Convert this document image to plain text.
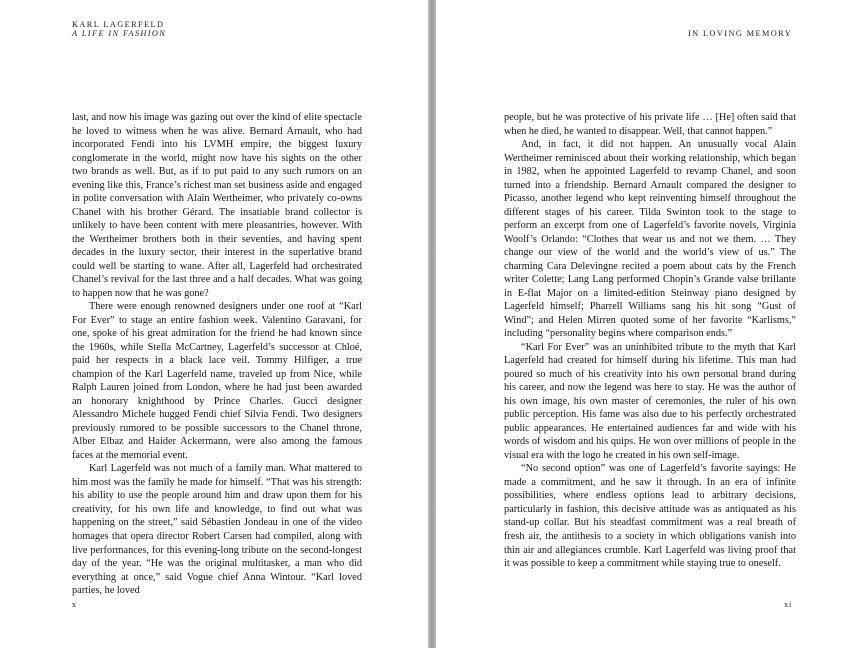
KARL LAGERFELD
A LIFE IN FASHION

last, and now his image was gazing out over the kind of elite spectacle he loved to witness when he was alive. Bernard Arnault, who had incorporated Fendi into his LVMH empire, the biggest luxury conglomerate in the world, might now have his sights on the other two brands as well. But, as if to put paid to any such rumors on an evening like this, France’s richest man set business aside and engaged in polite conversation with Alain Wertheimer, who privately co-owns Chanel with his brother Gérard. The insatiable brand collector is unlikely to have been content with mere pleasantries, however. With the Wertheimer brothers both in their seventies, and having spent decades in the luxury sector, their interest in the superlative brand could well be starting to wane. After all, Lagerfeld had orchestrated Chanel’s revival for the last three and a half decades. What was going to happen now that he was gone?

There were enough renowned designers under one roof at “Karl For Ever” to stage an entire fashion week. Valentino Garavani, for one, spoke of his great admiration for the friend he had known since the 1960s, while Stella McCartney, Lagerfeld’s successor at Chloé, paid her respects in a black lace veil. Tommy Hilfiger, a true champion of the Karl Lagerfeld name, traveled up from Nice, while Ralph Lauren joined from London, where he had just been awarded an honorary knighthood by Prince Charles. Gucci designer Alessandro Michele hugged Fendi chief Silvia Fendi. Two designers previously rumored to be possible successors to the Chanel throne, Alber Elbaz and Haider Ackermann, were also among the famous faces at the memorial event.

Karl Lagerfeld was not much of a family man. What mattered to him most was the family he made for himself. “That was his strength: his ability to use the people around him and draw upon them for his creativity, for his own life and knowledge, to find out what was happening on the street,” said Sébastien Jondeau in one of the video homages that opera director Robert Carsen had compiled, along with live performances, for this evening-long tribute on the second-longest day of the year. “He was the original multitasker, a man who did everything at once,” said Vogue chief Anna Wintour. “Karl loved parties, he loved

x
IN LOVING MEMORY

people, but he was protective of his private life … [He] often said that when he died, he wanted to disappear. Well, that cannot happen.”

And, in fact, it did not happen. An unusually vocal Alain Wertheimer reminisced about their working relationship, which began in 1982, when he appointed Lagerfeld to revamp Chanel, and soon turned into a friendship. Bernard Arnault compared the designer to Picasso, another legend who kept reinventing himself throughout the different stages of his career. Tilda Swinton took to the stage to perform an excerpt from one of Lagerfeld’s favorite novels, Virginia Woolf’s Orlando: “Clothes that wear us and not we them. … They change our view of the world and the world’s view of us.” The charming Cara Delevingne recited a poem about cats by the French writer Colette; Lang Lang performed Chopin’s Grande valse brillante in E-flat Major on a limited-edition Steinway piano designed by Lagerfeld himself; Pharrell Williams sang his hit song “Gust of Wind”; and Helen Mirren quoted some of her favorite “Karlisms,” including “personality begins where comparison ends.”

“Karl For Ever” was an uninhibited tribute to the myth that Karl Lagerfeld had created for himself during his lifetime. This man had poured so much of his creativity into his own personal brand during his career, and now the legend was here to stay. He was the author of his own image, his own master of ceremonies, the ruler of his own public perception. His fame was also due to his perfectly orchestrated public appearances. He entertained audiences far and wide with his words of wisdom and his quips. He won over millions of people in the visual era with the logo he created in his own self-image.

“No second option” was one of Lagerfeld’s favorite sayings: He made a commitment, and he saw it through. In an era of infinite possibilities, where endless options lead to arbitrary decisions, particularly in fashion, this decisive attitude was as antiquated as his stand-up collar. But his steadfast commitment was a real breath of fresh air, the antithesis to a society in which obligations vanish into thin air and allegiances crumble. Karl Lagerfeld was living proof that it was possible to keep a commitment while staying true to oneself.

xi
